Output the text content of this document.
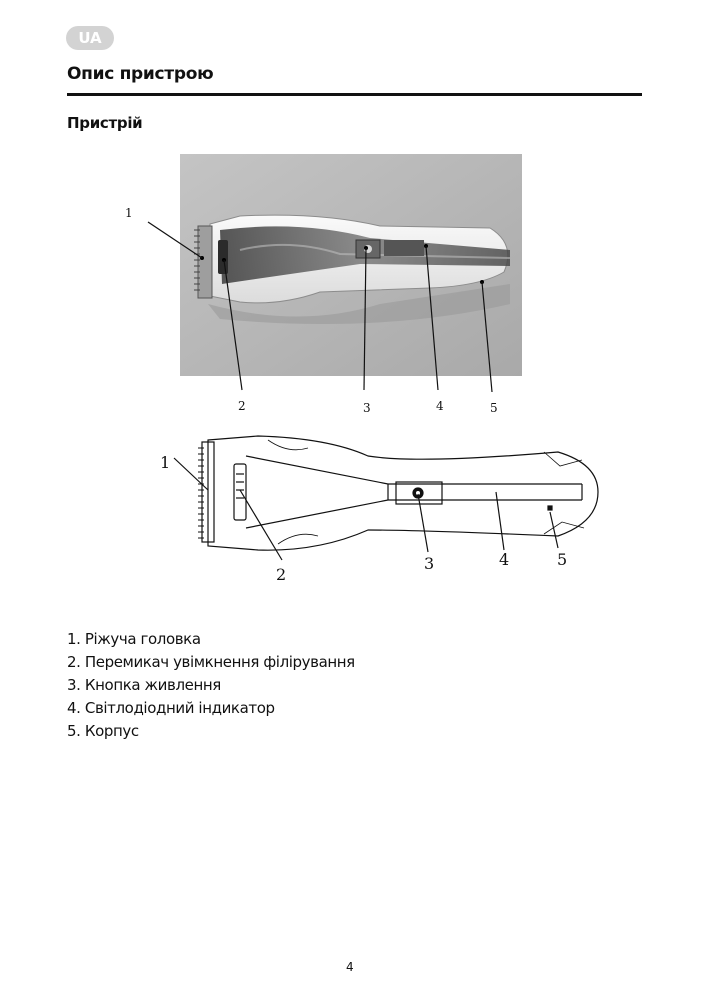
UA
Опис пристрою
Пристрій
1
2	3	4	5
1
2
3	4	5
1. Ріжуча головка
2. Перемикач увімкнення філірування
3. Кнопка живлення
4. Світлодіодний індикатор
5. Корпус
4
